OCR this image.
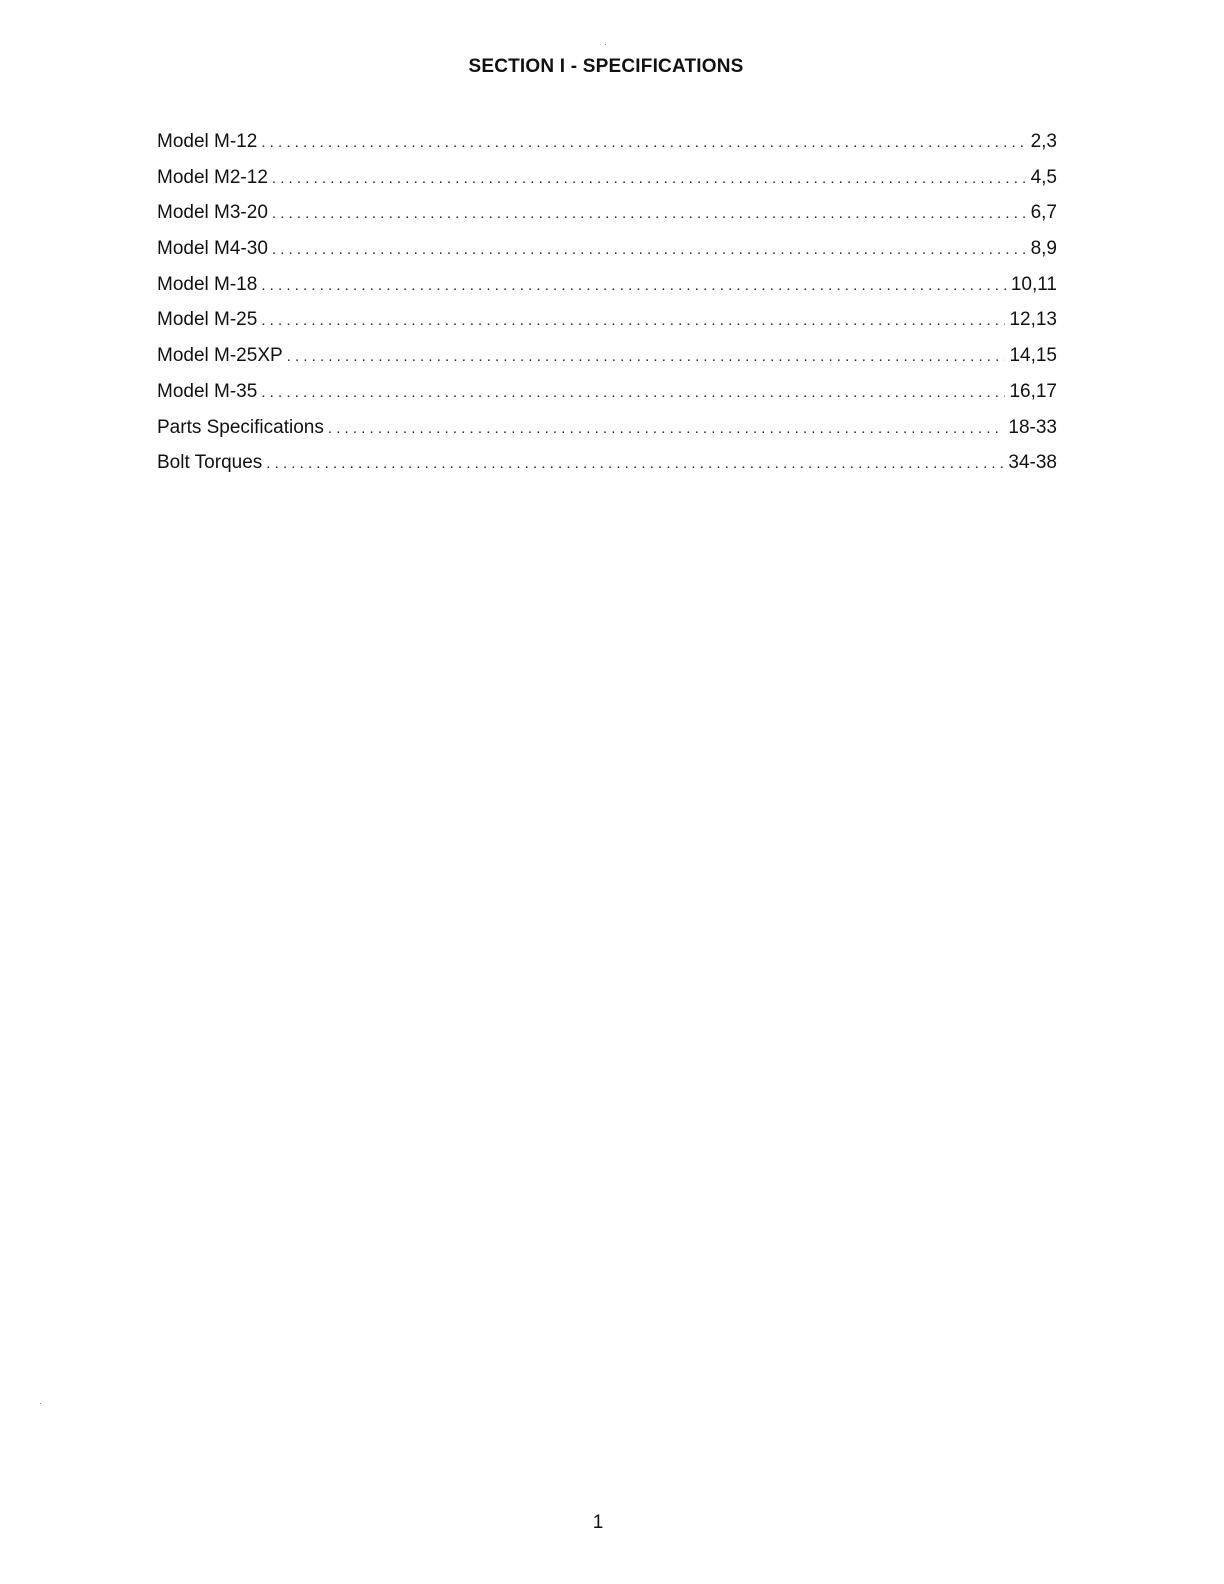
SECTION I - SPECIFICATIONS
Model M-12 . . .	2,3
Model M2-12 . . .	4,5
Model M3-20 . . .	6,7
Model M4-30 . . .	8,9
Model M-18 . . .	10,11
Model M-25 . . .	12,13
Model M-25XP . . .	14,15
Model M-35 . . .	16,17
Parts Specifications . . .	18-33
Bolt Torques . . .	34-38
1
